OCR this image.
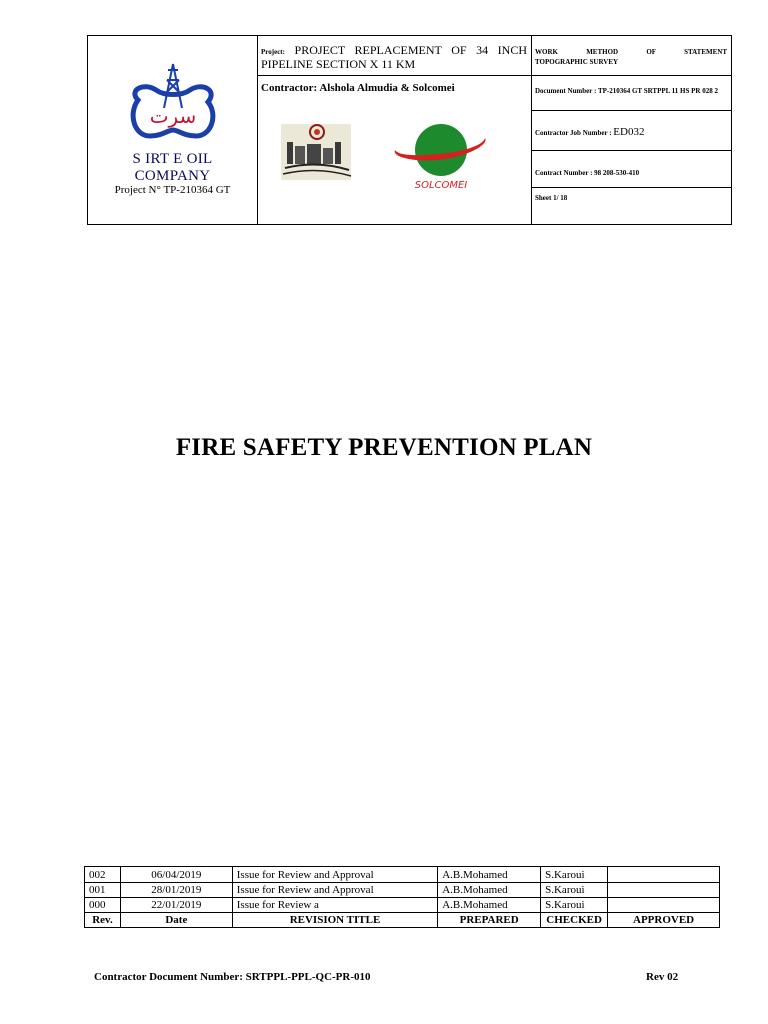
سرت
S IRT E OIL
COMPANY
Project N° TP-210364 GT
Project: PROJECT REPLACEMENT OF 34 INCH PIPELINE SECTION X 11 KM
Contractor: Alshola Almudia & Solcomei
SOLCOMEI
WORK METHOD OF STATEMENT
TOPOGRAPHIC SURVEY
Document Number : TP-210364 GT SRTPPL 11 HS PR 028 2
Contractor Job Number : ED032
Contract Number : 98 208-530-410
Sheet 1/ 18
FIRE SAFETY PREVENTION PLAN
002	06/04/2019	Issue for Review and Approval	A.B.Mohamed	S.Karoui	
001	28/01/2019	Issue for Review and Approval	A.B.Mohamed	S.Karoui	
000	22/01/2019	Issue for Review a	A.B.Mohamed	S.Karoui	
Rev.	Date	REVISION TITLE	PREPARED	CHECKED	APPROVED
Contractor Document Number: SRTPPL-PPL-QC-PR-010	Rev 02
